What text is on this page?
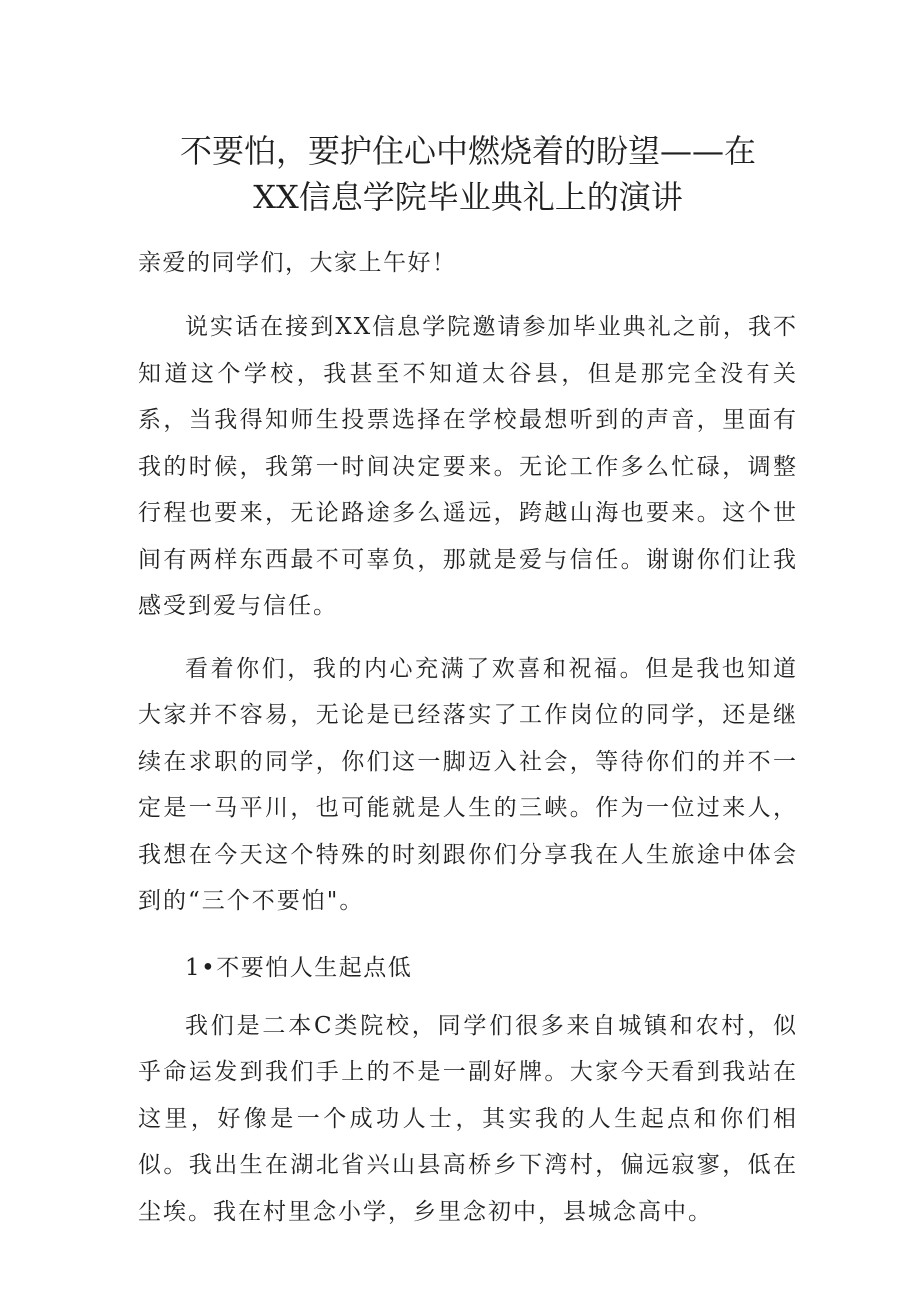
不要怕，要护住心中燃烧着的盼望——在
XX信息学院毕业典礼上的演讲

亲爱的同学们，大家上午好！

说实话在接到XX信息学院邀请参加毕业典礼之前，我不知道这个学校，我甚至不知道太谷县，但是那完全没有关系，当我得知师生投票选择在学校最想听到的声音，里面有我的时候，我第一时间决定要来。无论工作多么忙碌，调整行程也要来，无论路途多么遥远，跨越山海也要来。这个世间有两样东西最不可辜负，那就是爱与信任。谢谢你们让我感受到爱与信任。

看着你们，我的内心充满了欢喜和祝福。但是我也知道大家并不容易，无论是已经落实了工作岗位的同学，还是继续在求职的同学，你们这一脚迈入社会，等待你们的并不一定是一马平川，也可能就是人生的三峡。作为一位过来人，我想在今天这个特殊的时刻跟你们分享我在人生旅途中体会到的“三个不要怕"。

1•不要怕人生起点低

我们是二本C类院校，同学们很多来自城镇和农村，似乎命运发到我们手上的不是一副好牌。大家今天看到我站在这里，好像是一个成功人士，其实我的人生起点和你们相似。我出生在湖北省兴山县高桥乡下湾村，偏远寂寥，低在尘埃。我在村里念小学，乡里念初中，县城念高中。
